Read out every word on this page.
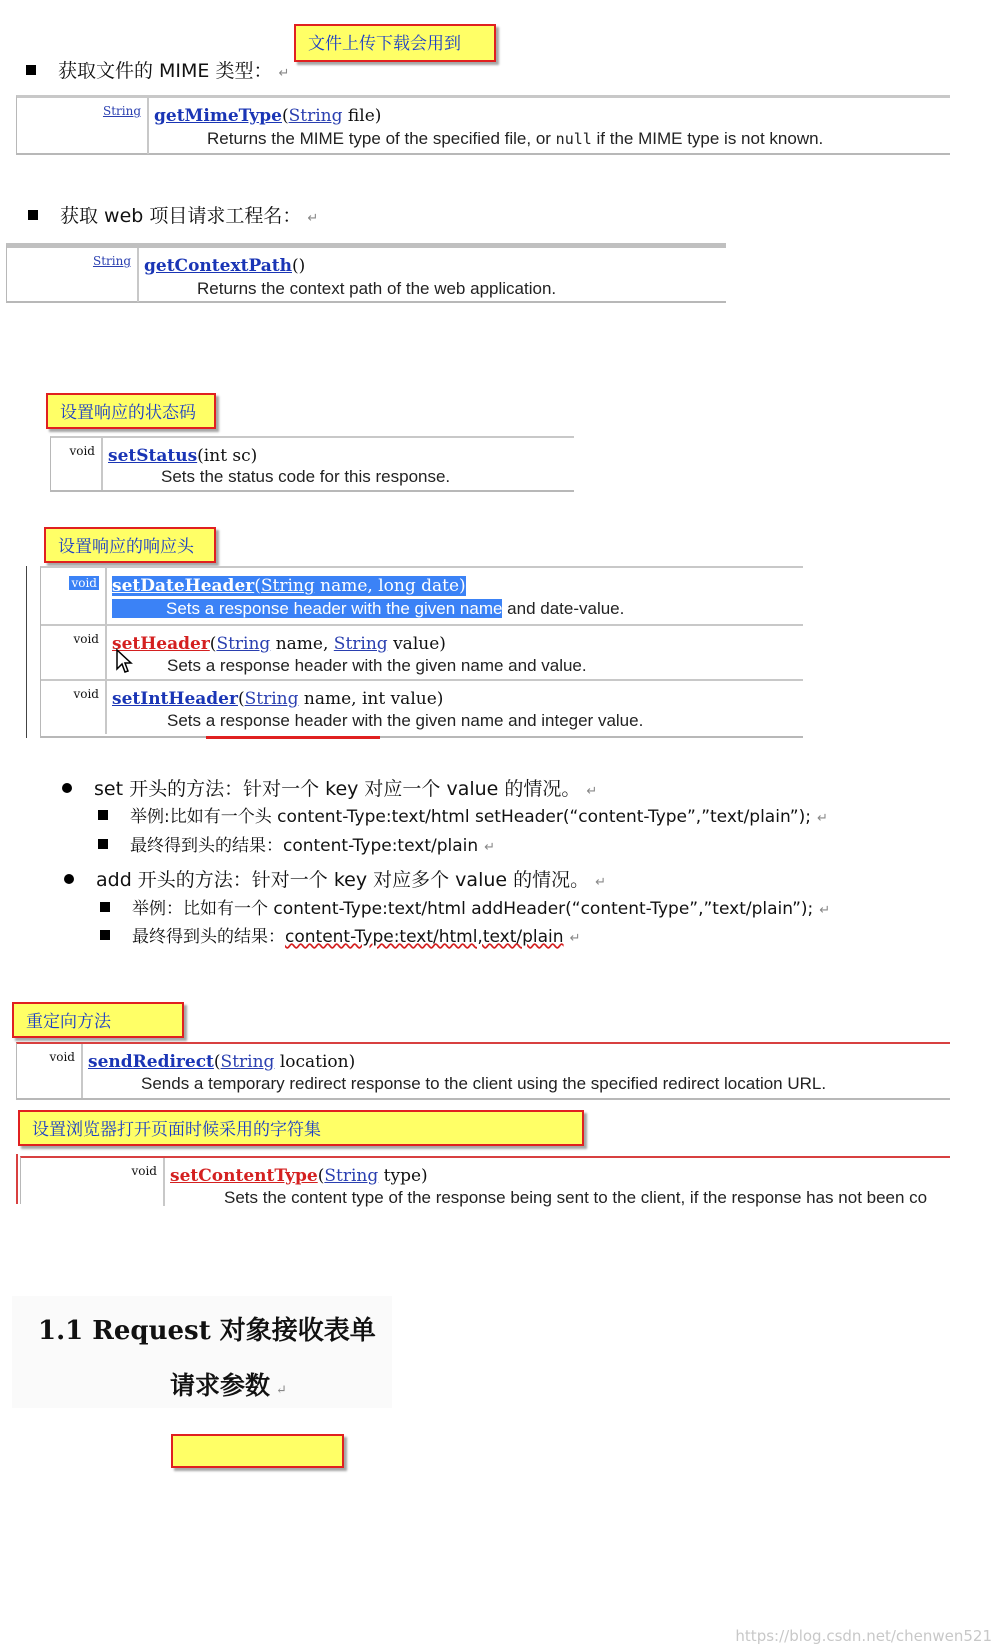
文件上传下载会用到
获取文件的 MIME 类型： ↵
String getMimeType(String file)
Returns the MIME type of the specified file, or null if the MIME type is not known.
获取 web 项目请求工程名： ↵
String getContextPath()
Returns the context path of the web application.
设置响应的状态码
void setStatus(int sc)
Sets the status code for this response.
设置响应的响应头
void setDateHeader(String name, long date)
Sets a response header with the given name and date-value.
void setHeader(String name, String value)
Sets a response header with the given name and value.
void setIntHeader(String name, int value)
Sets a response header with the given name and integer value.
set 开头的方法：针对一个 key 对应一个 value 的情况。 ↵
举例:比如有一个头 content-Type:text/html setHeader(“content-Type”,”text/plain”); ↵
最终得到头的结果：content-Type:text/plain ↵
add 开头的方法：针对一个 key 对应多个 value 的情况。 ↵
举例：比如有一个 content-Type:text/html addHeader(“content-Type”,”text/plain”); ↵
最终得到头的结果：content-Type:text/html,text/plain ↵
重定向方法
void sendRedirect(String location)
Sends a temporary redirect response to the client using the specified redirect location URL.
设置浏览器打开页面时候采用的字符集
void setContentType(String type)
Sets the content type of the response being sent to the client, if the response has not been co
1.1 Request 对象接收表单
请求参数 ↵
https://blog.csdn.net/chenwen521
